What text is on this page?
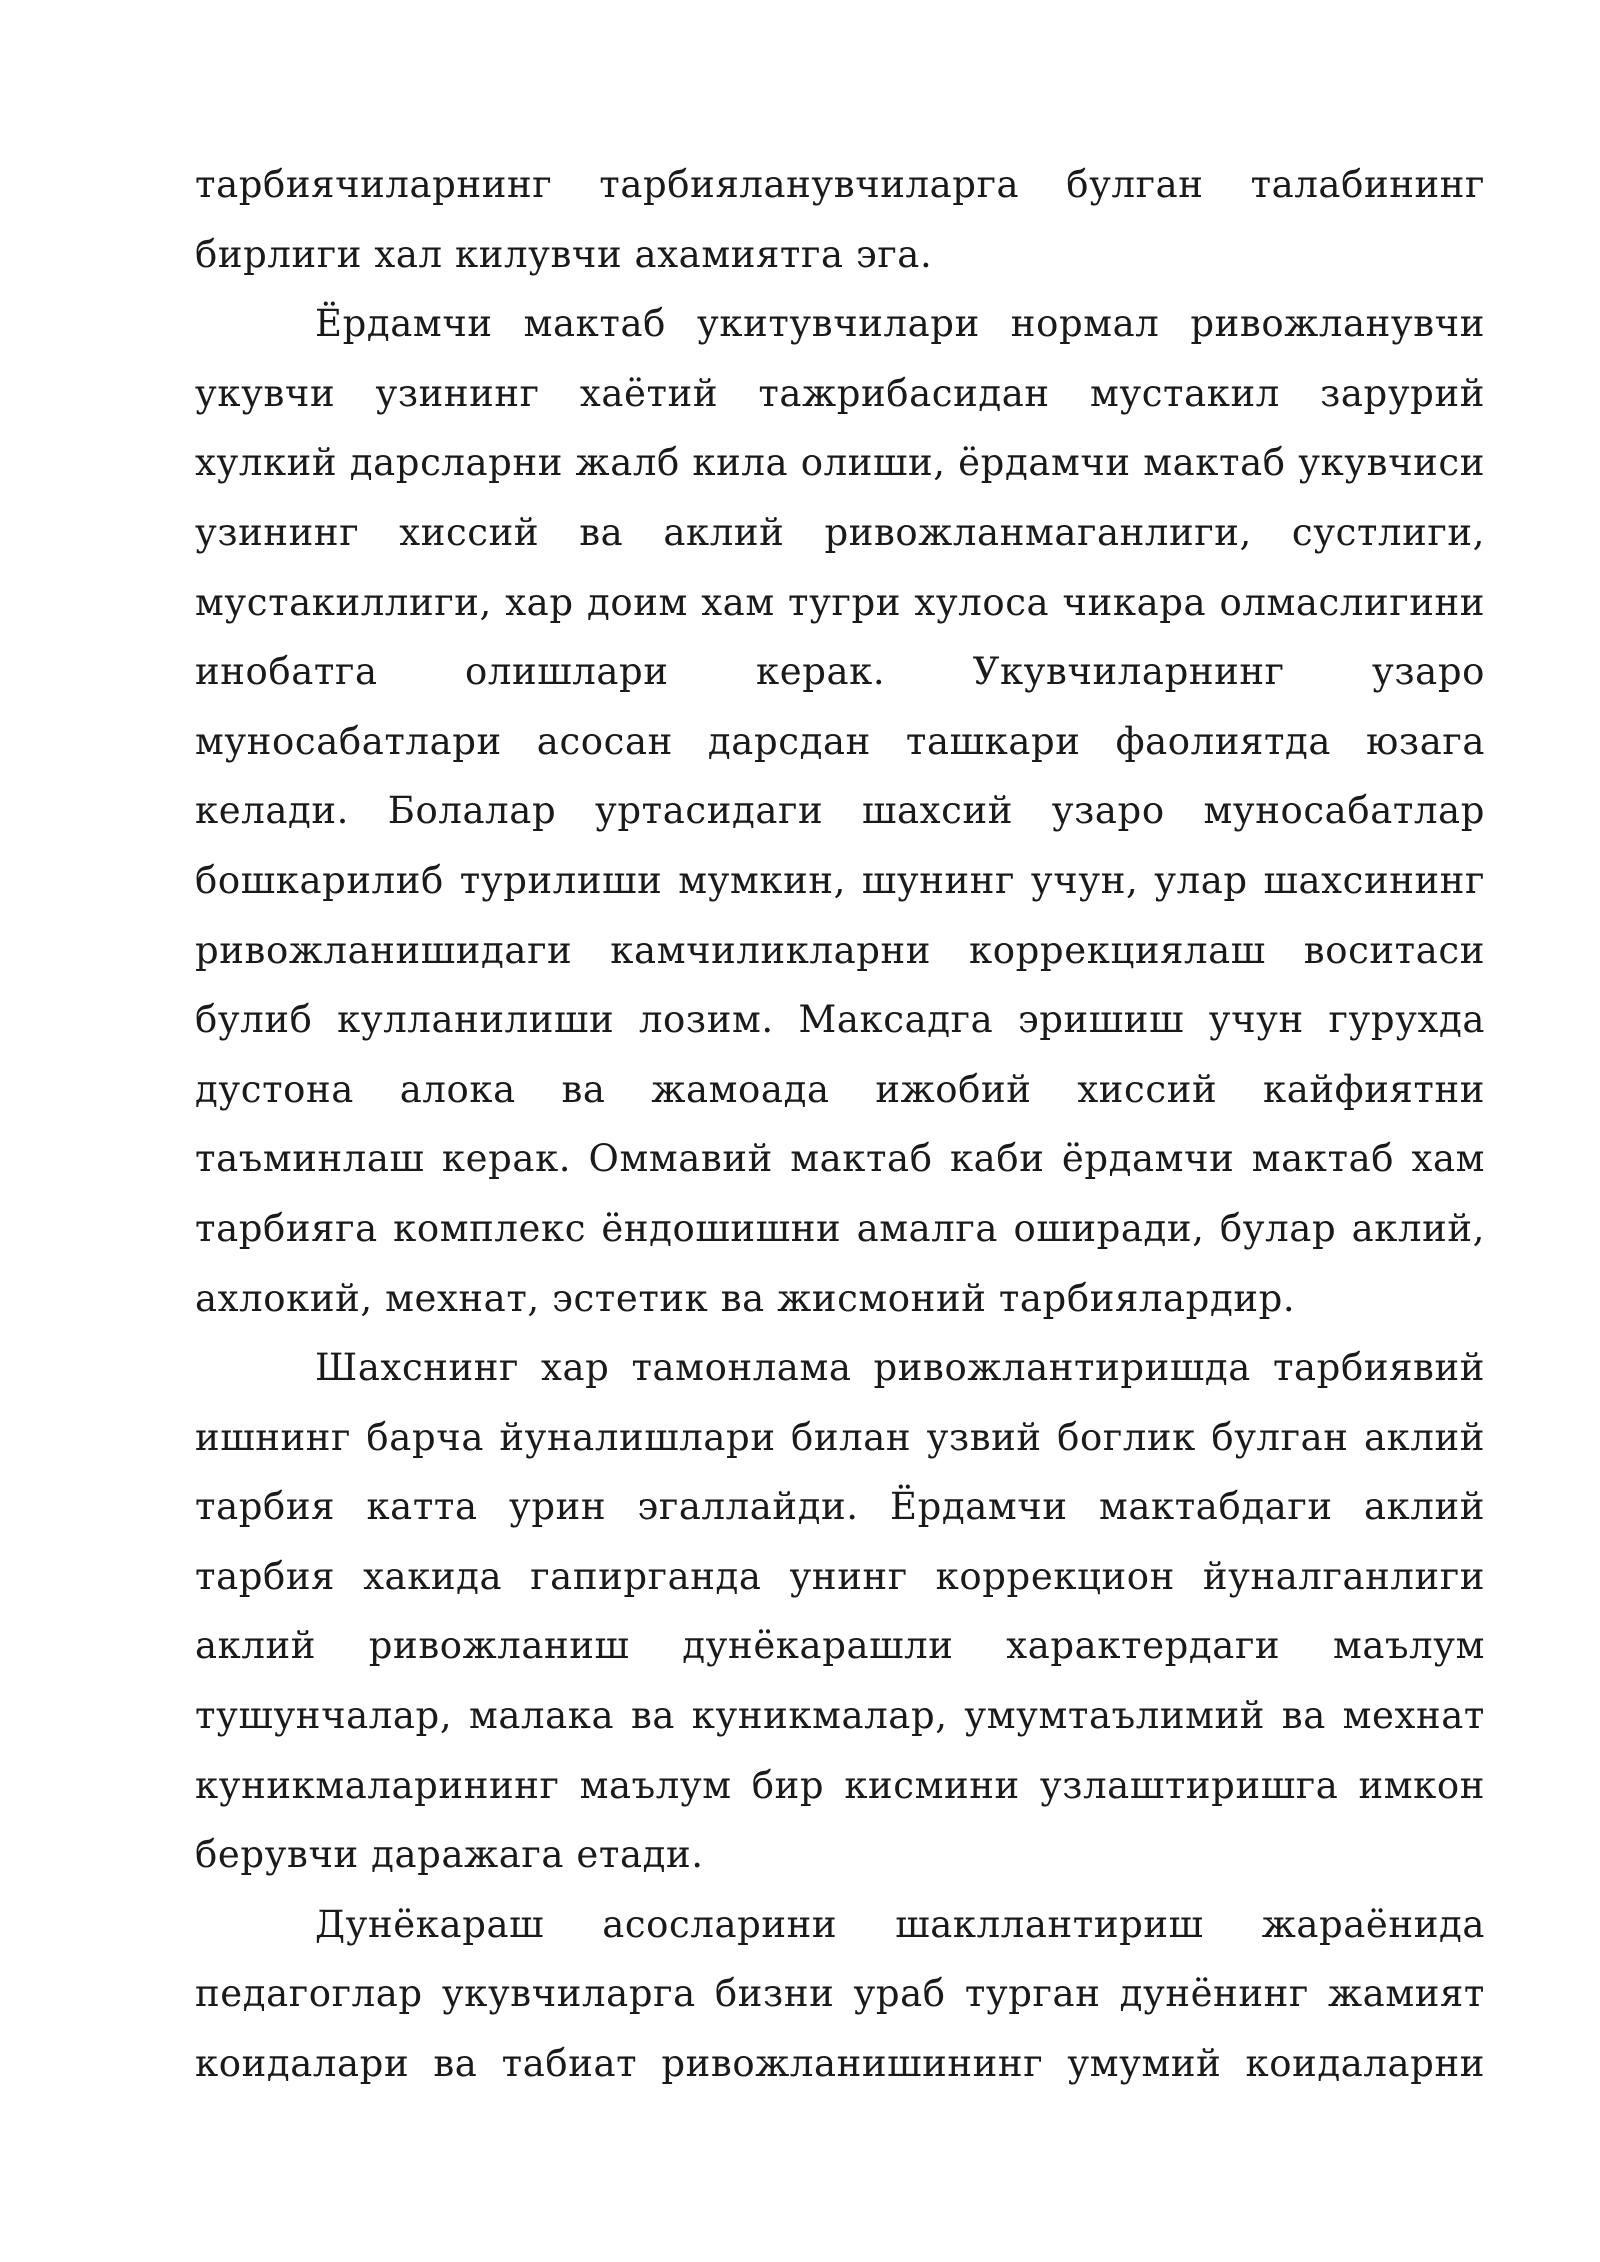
тарбиячиларнинг тарбияланувчиларга булган талабининг бирлиги хал килувчи ахамиятга эга.

Ёрдамчи мактаб укитувчилари нормал ривожланувчи укувчи узининг хаётий тажрибасидан мустакил зарурий хулкий дарсларни жалб кила олиши, ёрдамчи мактаб укувчиси узининг хиссий ва аклий ривожланмаганлиги, сустлиги, мустакиллиги, хар доим хам тугри хулоса чикара олмаслигини инобатга олишлари керак. Укувчиларнинг узаро муносабатлари асосан дарсдан ташкари фаолиятда юзага келади. Болалар уртасидаги шахсий узаро муносабатлар бошкарилиб турилиши мумкин, шунинг учун, улар шахсининг ривожланишидаги камчиликларни коррекциялаш воситаси булиб кулланилиши лозим. Максадга эришиш учун гурухда дустона алока ва жамоада ижобий хиссий кайфиятни таъминлаш керак. Оммавий мактаб каби ёрдамчи мактаб хам тарбияга комплекс ёндошишни амалга оширади, булар аклий, ахлокий, мехнат, эстетик ва жисмоний тарбиялардир.

Шахснинг хар тамонлама ривожлантиришда тарбиявий ишнинг барча йуналишлари билан узвий боглик булган аклий тарбия катта урин эгаллайди. Ёрдамчи мактабдаги аклий тарбия хакида гапирганда унинг коррекцион йуналганлиги аклий ривожланиш дунёкарашли характердаги маълум тушунчалар, малака ва куникмалар, умумтаълимий ва мехнат куникмаларининг маълум бир кисмини узлаштиришга имкон берувчи даражага етади.

Дунёкараш асосларини шакллантириш жараёнида педагоглар укувчиларга бизни ураб турган дунёнинг жамият коидалари ва табиат ривожланишининг умумий коидаларни
